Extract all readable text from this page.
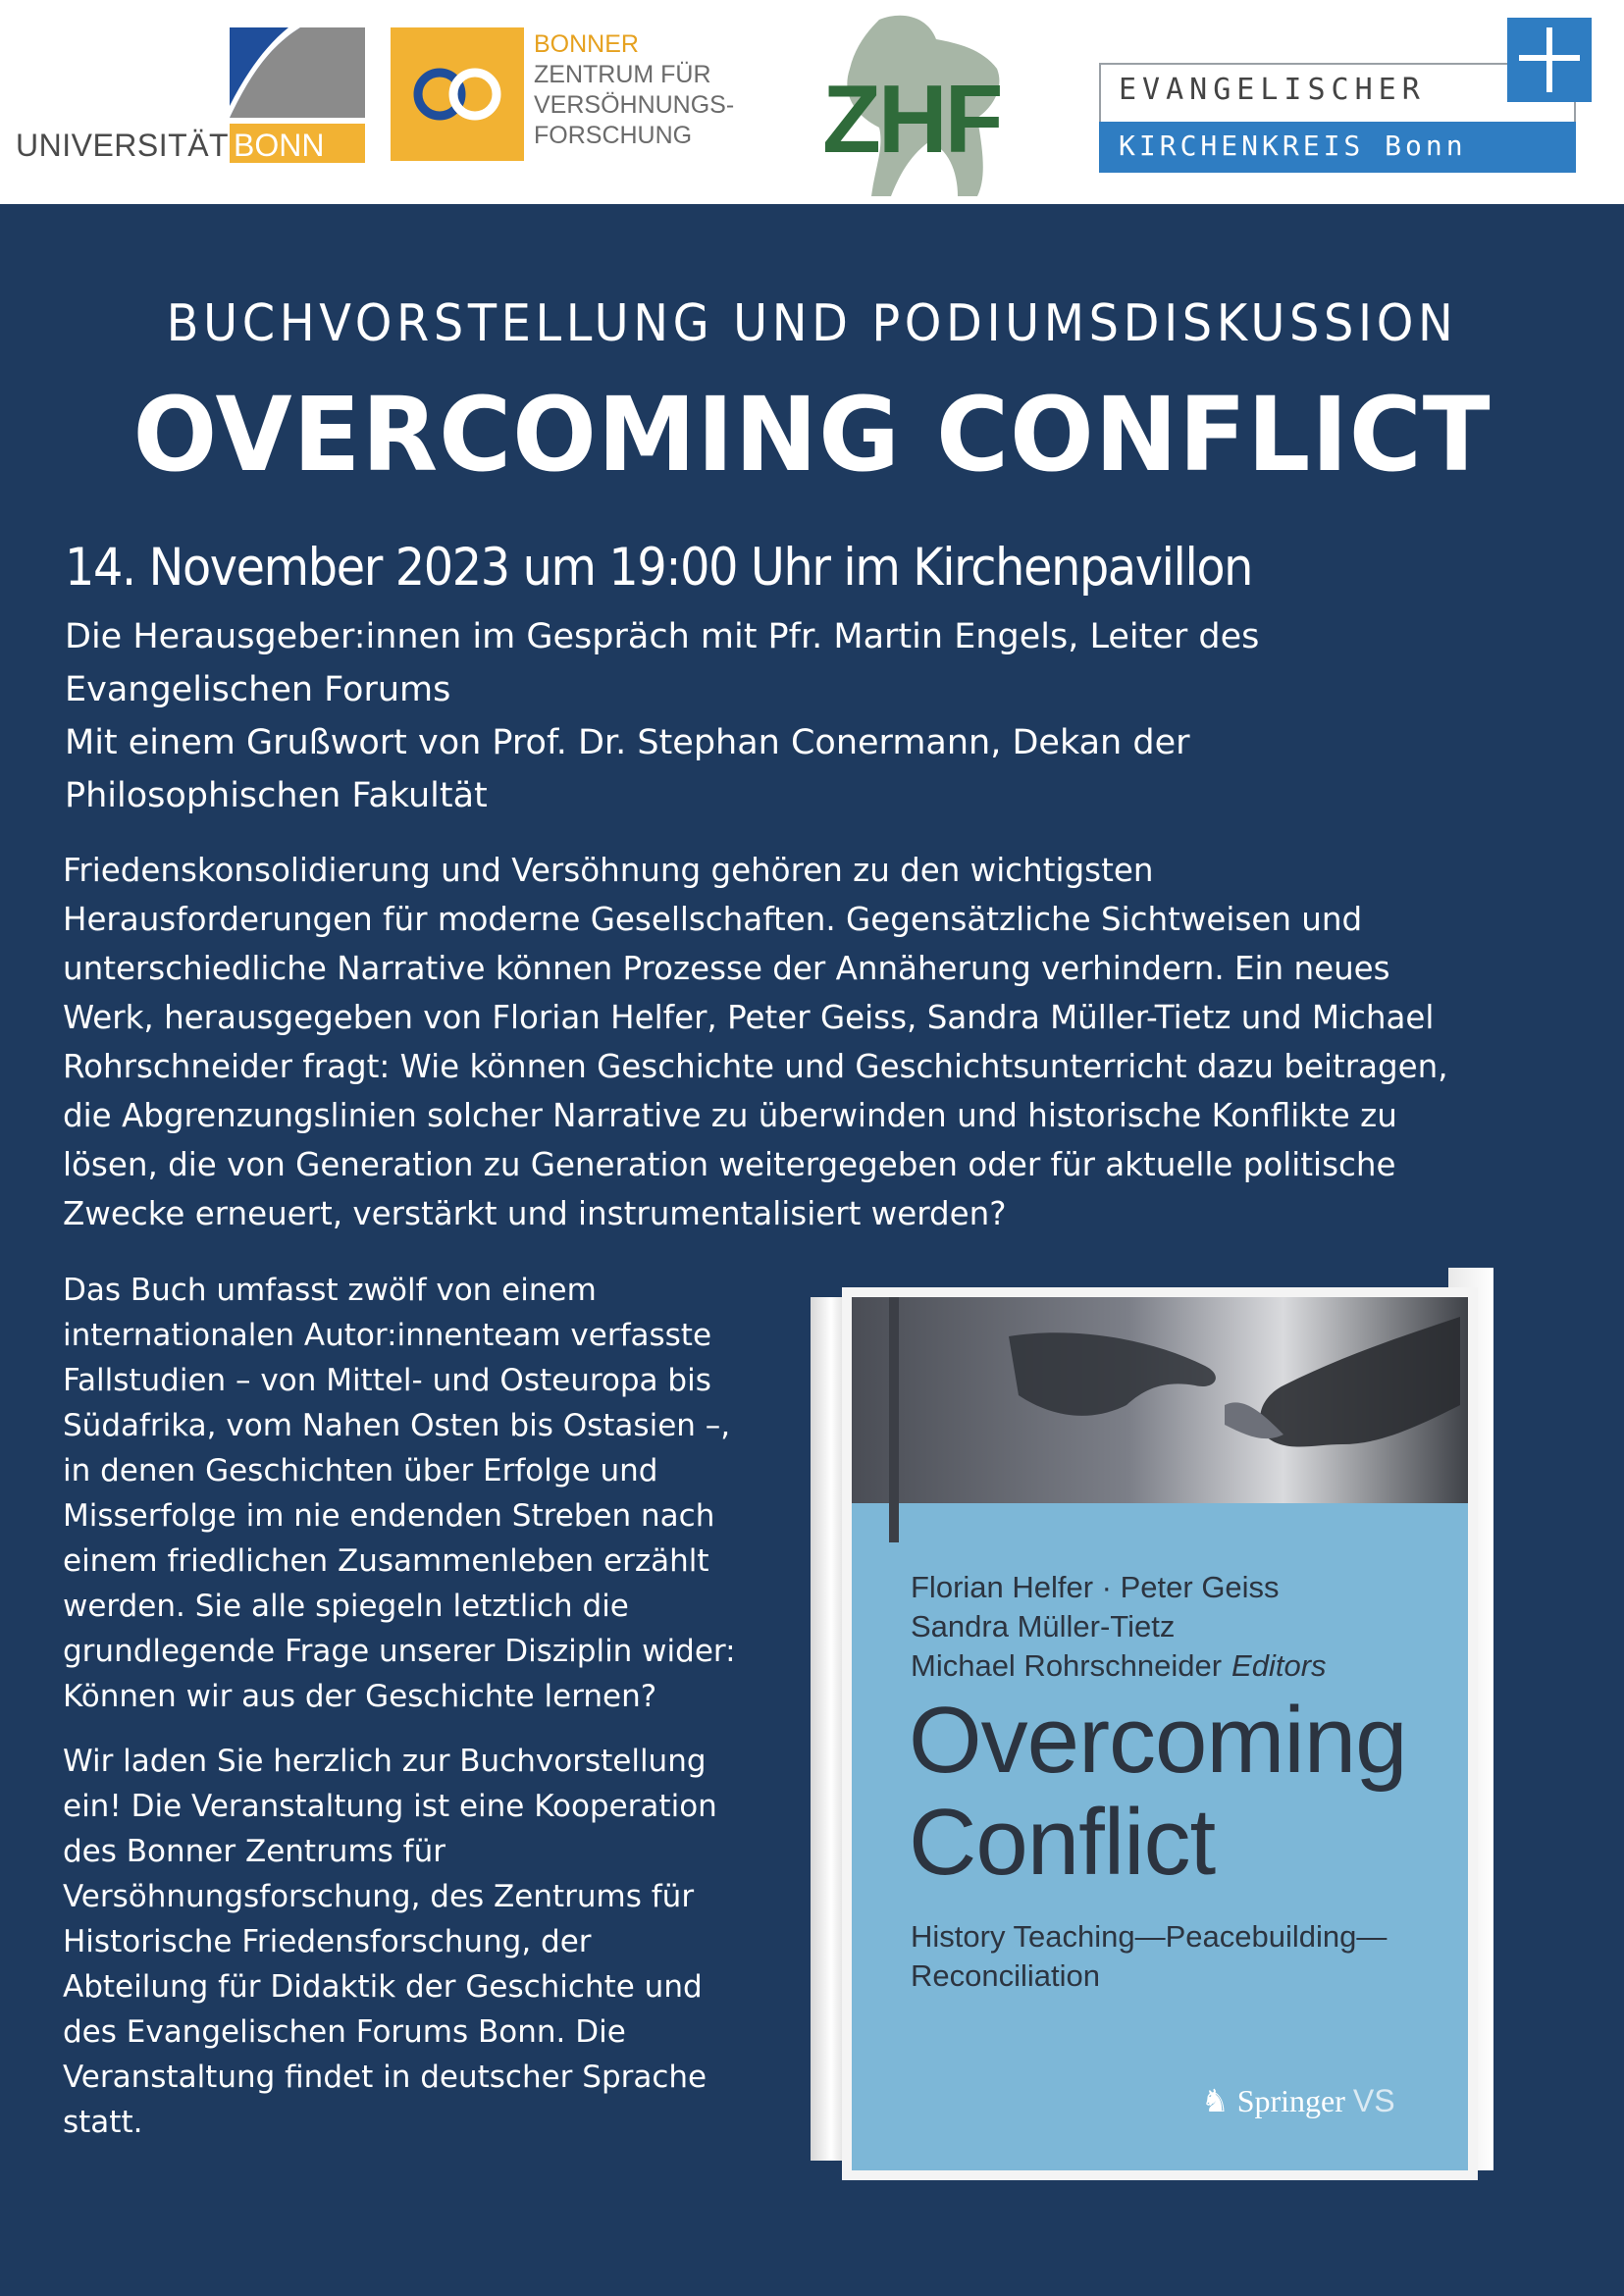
UNIVERSITÄT BONN
BONNER
ZENTRUM FÜR
VERSÖHNUNGS-
FORSCHUNG	ZHF	EVANGELISCHER
KIRCHENKREIS Bonn
BUCHVORSTELLUNG UND PODIUMSDISKUSSION
OVERCOMING CONFLICT
14. November 2023 um 19:00 Uhr im Kirchenpavillon
Die Herausgeber:innen im Gespräch mit Pfr. Martin Engels, Leiter des
Evangelischen Forums
Mit einem Grußwort von Prof. Dr. Stephan Conermann, Dekan der
Philosophischen Fakultät
Friedenskonsolidierung und Versöhnung gehören zu den wichtigsten
Herausforderungen für moderne Gesellschaften. Gegensätzliche Sichtweisen und
unterschiedliche Narrative können Prozesse der Annäherung verhindern. Ein neues
Werk, herausgegeben von Florian Helfer, Peter Geiss, Sandra Müller-Tietz und Michael
Rohrschneider fragt: Wie können Geschichte und Geschichtsunterricht dazu beitragen,
die Abgrenzungslinien solcher Narrative zu überwinden und historische Konflikte zu
lösen, die von Generation zu Generation weitergegeben oder für aktuelle politische
Zwecke erneuert, verstärkt und instrumentalisiert werden?
Das Buch umfasst zwölf von einem
internationalen Autor:innenteam verfasste
Fallstudien – von Mittel- und Osteuropa bis
Südafrika, vom Nahen Osten bis Ostasien –,
in denen Geschichten über Erfolge und
Misserfolge im nie endenden Streben nach
einem friedlichen Zusammenleben erzählt
werden. Sie alle spiegeln letztlich die
grundlegende Frage unserer Disziplin wider:
Können wir aus der Geschichte lernen?
Wir laden Sie herzlich zur Buchvorstellung
ein! Die Veranstaltung ist eine Kooperation
des Bonner Zentrums für
Versöhnungsforschung, des Zentrums für
Historische Friedensforschung, der
Abteilung für Didaktik der Geschichte und
des Evangelischen Forums Bonn. Die
Veranstaltung findet in deutscher Sprache
statt.
Florian Helfer · Peter Geiss
Sandra Müller-Tietz
Michael Rohrschneider Editors
Overcoming
Conflict
History Teaching—Peacebuilding—
Reconciliation
♞ Springer VS
